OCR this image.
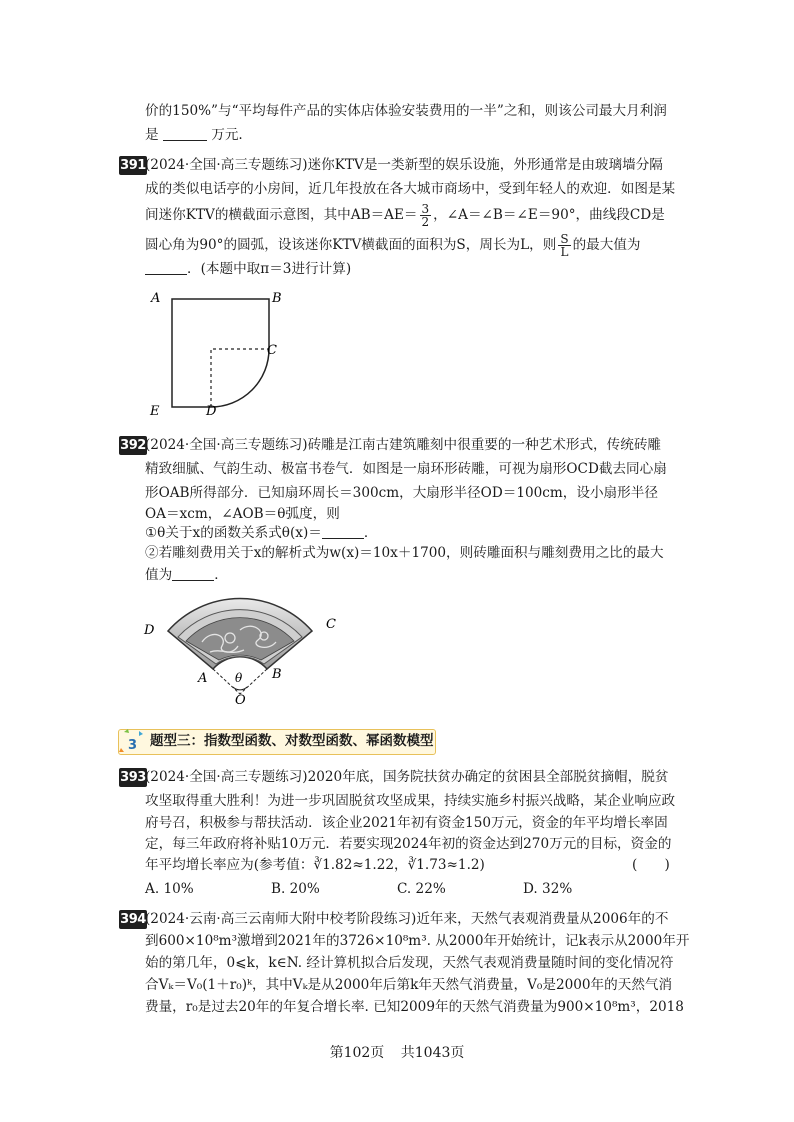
价的150%”与“平均每件产品的实体店体验安装费用的一半”之和，则该公司最大月利润
是	万元.
391 (2024·全国·高三专题练习)迷你KTV是一类新型的娱乐设施，外形通常是由玻璃墙分隔
成的类似电话亭的小房间，近几年投放在各大城市商场中，受到年轻人的欢迎．如图是某
间迷你KTV的横截面示意图，其中$AB=AE= \frac{3}{2}$ ，∠A＝∠B＝∠E＝90°，曲线段CD是
圆心角为90°的圆弧，设该迷你KTV横截面的面积为S，周长为L，则 $\frac{S}{L}$ 的最大值为
．(本题中取π＝3进行计算)
A	B
C
D
E
392 (2024·全国·高三专题练习)砖雕是江南古建筑雕刻中很重要的一种艺术形式，传统砖雕
精致细腻、气韵生动、极富书卷气．如图是一扇环形砖雕，可视为扇形OCD截去同心扇
形OAB所得部分．已知扇环周长＝300cm，大扇形半径OD＝100cm，设小扇形半径
OA＝xcm，∠AOB＝θ弧度，则
①θ关于x的函数关系式θ(x)＝	．
②若雕刻费用关于x的解析式为w(x)＝10x＋1700，则砖雕面积与雕刻费用之比的最大
值为	．
D	C
A	B
θ
O
3 题型三：指数型函数、对数型函数、幂函数模型
393 (2024·全国·高三专题练习)2020年底，国务院扶贫办确定的贫困县全部脱贫摘帽，脱贫
攻坚取得重大胜利！为进一步巩固脱贫攻坚成果，持续实施乡村振兴战略，某企业响应政
府号召，积极参与帮扶活动．该企业2021年初有资金150万元，资金的年平均增长率固
定，每三年政府将补贴10万元．若要实现2024年初的资金达到270万元的目标，资金的
年平均增长率应为(参考值：∛1.82≈1.22，∛1.73≈1.2)	(　　)
A. 10%	B. 20%	C. 22%	D. 32%
394 (2024·云南·高三云南师大附中校考阶段练习)近年来，天然气表观消费量从2006年的不
到600×10⁸m³激增到2021年的3726×10⁸m³. 从2000年开始统计，记k表示从2000年开
始的第几年，0⩽k，k∈N. 经计算机拟合后发现，天然气表观消费量随时间的变化情况符
合Vₖ＝V₀(1＋r₀)ᵏ，其中Vₖ是从2000年后第k年天然气消费量，V₀是2000年的天然气消
费量，r₀是过去20年的年复合增长率. 已知2009年的天然气消费量为900×10⁸m³，2018
第102页 共1043页
